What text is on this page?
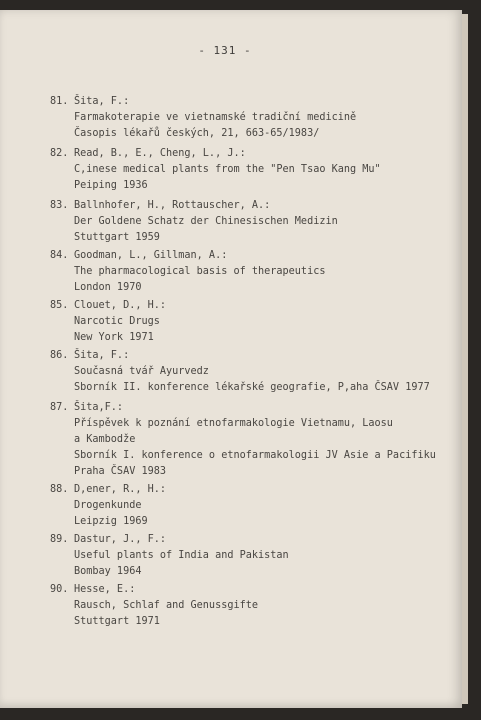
- 131 -
81. Šita, F.:
Farmakoterapie ve vietnamské tradiční medicině
Časopis lékařů českých, 21, 663-65/1983/
82. Read, B., E., Cheng, L., J.:
C,inese medical plants from the "Pen Tsao Kang Mu"
Peiping 1936
83. Ballnhofer, H., Rottauscher, A.:
Der Goldene Schatz der Chinesischen Medizin
Stuttgart 1959
84. Goodman, L., Gillman, A.:
The pharmacological basis of therapeutics
London 1970
85. Clouet, D., H.:
Narcotic Drugs
New York 1971
86. Šita, F.:
Současná tvář Ayurvedz
Sborník II. konference lékařské geografie, P,aha ČSAV 1977
87. Šita,F.:
Příspěvek k poznání etnofarmakologie Vietnamu, Laosu
a Kambodže
Sborník I. konference o etnofarmakologii JV Asie a Pacifiku
Praha ČSAV 1983
88. D,ener, R., H.:
Drogenkunde
Leipzig 1969
89. Dastur, J., F.:
Useful plants of India and Pakistan
Bombay 1964
90. Hesse, E.:
Rausch, Schlaf and Genussgifte
Stuttgart 1971
